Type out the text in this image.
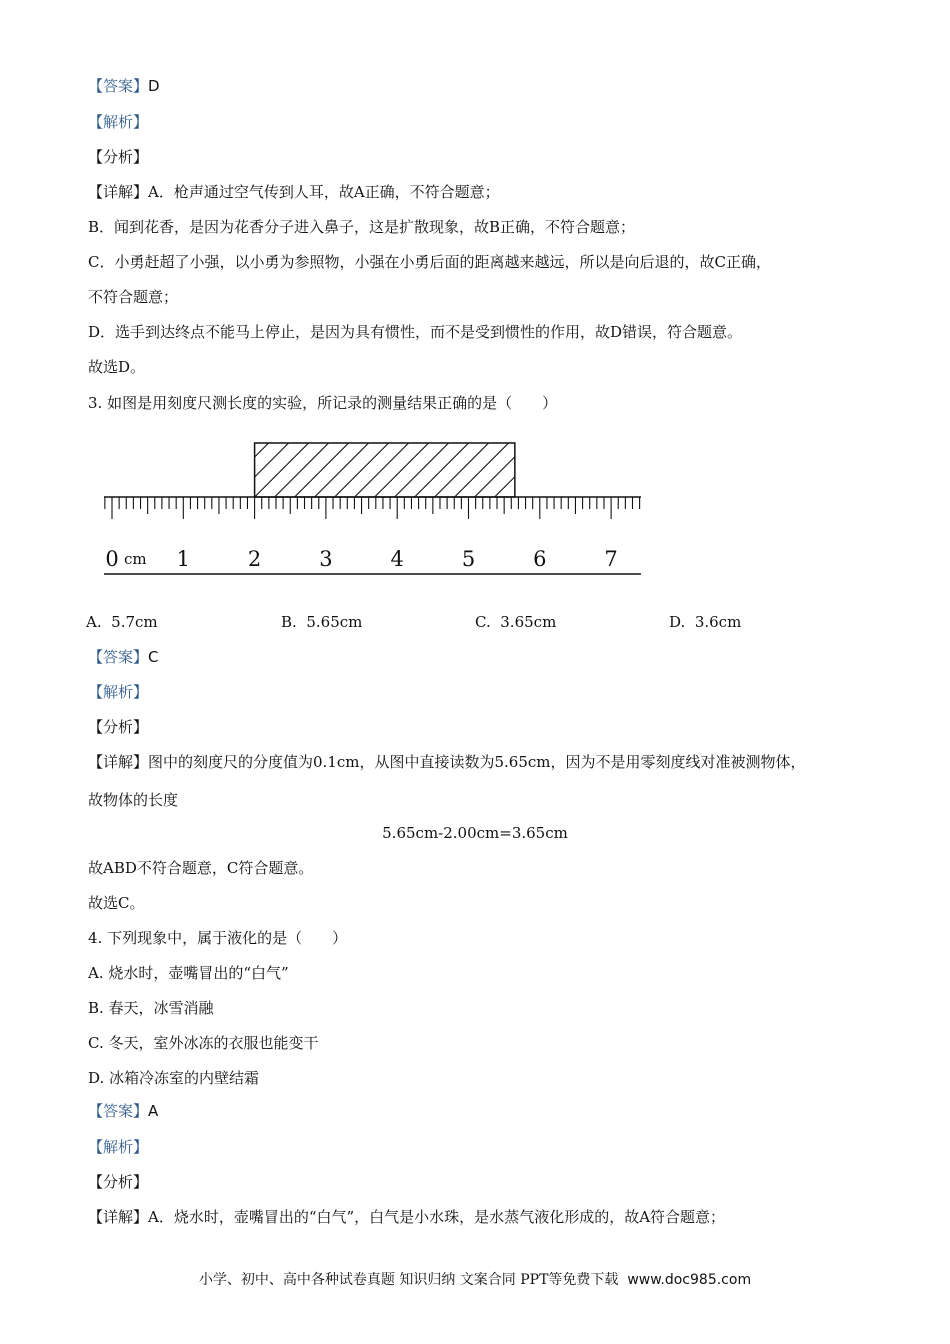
【答案】D
【解析】
【分析】
【详解】A．枪声通过空气传到人耳，故A正确，不符合题意；
B．闻到花香，是因为花香分子进入鼻子，这是扩散现象，故B正确，不符合题意；
C．小勇赶超了小强，以小勇为参照物，小强在小勇后面的距离越来越远，所以是向后退的，故C正确，
不符合题意；
D．选手到达终点不能马上停止，是因为具有惯性，而不是受到惯性的作用，故D错误，符合题意。
故选D。
3. 如图是用刻度尺测长度的实验，所记录的测量结果正确的是（　　）
0	1	2	3	4	5	6	7
cm
A. 5.7cm	B. 5.65cm	C. 3.65cm	D. 3.6cm
【答案】C
【解析】
【分析】
【详解】图中的刻度尺的分度值为0.1cm，从图中直接读数为5.65cm，因为不是用零刻度线对准被测物体，
故物体的长度
5.65cm-2.00cm=3.65cm
故ABD不符合题意，C符合题意。
故选C。
4. 下列现象中，属于液化的是（　　）
A. 烧水时，壶嘴冒出的“白气”
B. 春天，冰雪消融
C. 冬天，室外冰冻的衣服也能变干
D. 冰箱冷冻室的内壁结霜
【答案】A
【解析】
【分析】
【详解】A．烧水时，壶嘴冒出的“白气”，白气是小水珠，是水蒸气液化形成的，故A符合题意；
小学、初中、高中各种试卷真题 知识归纳 文案合同 PPT等免费下载 www.doc985.com
